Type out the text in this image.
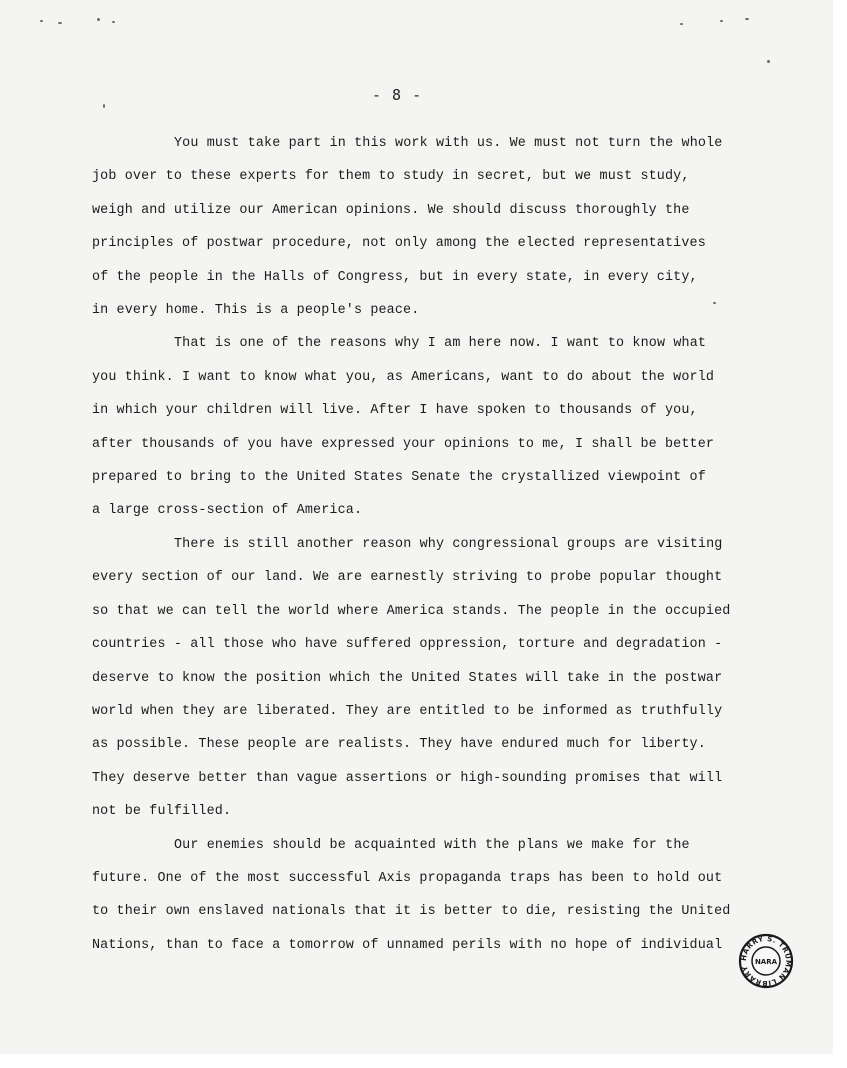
- 8 -

You must take part in this work with us. We must not turn the whole
job over to these experts for them to study in secret, but we must study,
weigh and utilize our American opinions. We should discuss thoroughly the
principles of postwar procedure, not only among the elected representatives
of the people in the Halls of Congress, but in every state, in every city,
in every home. This is a people's peace.

That is one of the reasons why I am here now. I want to know what
you think. I want to know what you, as Americans, want to do about the world
in which your children will live. After I have spoken to thousands of you,
after thousands of you have expressed your opinions to me, I shall be better
prepared to bring to the United States Senate the crystallized viewpoint of
a large cross-section of America.

There is still another reason why congressional groups are visiting
every section of our land. We are earnestly striving to probe popular thought
so that we can tell the world where America stands. The people in the occupied
countries - all those who have suffered oppression, torture and degradation -
deserve to know the position which the United States will take in the postwar
world when they are liberated. They are entitled to be informed as truthfully
as possible. These people are realists. They have endured much for liberty.
They deserve better than vague assertions or high-sounding promises that will
not be fulfilled.

Our enemies should be acquainted with the plans we make for the
future. One of the most successful Axis propaganda traps has been to hold out
to their own enslaved nationals that it is better to die, resisting the United
Nations, than to face a tomorrow of unnamed perils with no hope of individual

HARRY S. TRUMAN LIBRARY
NARA
